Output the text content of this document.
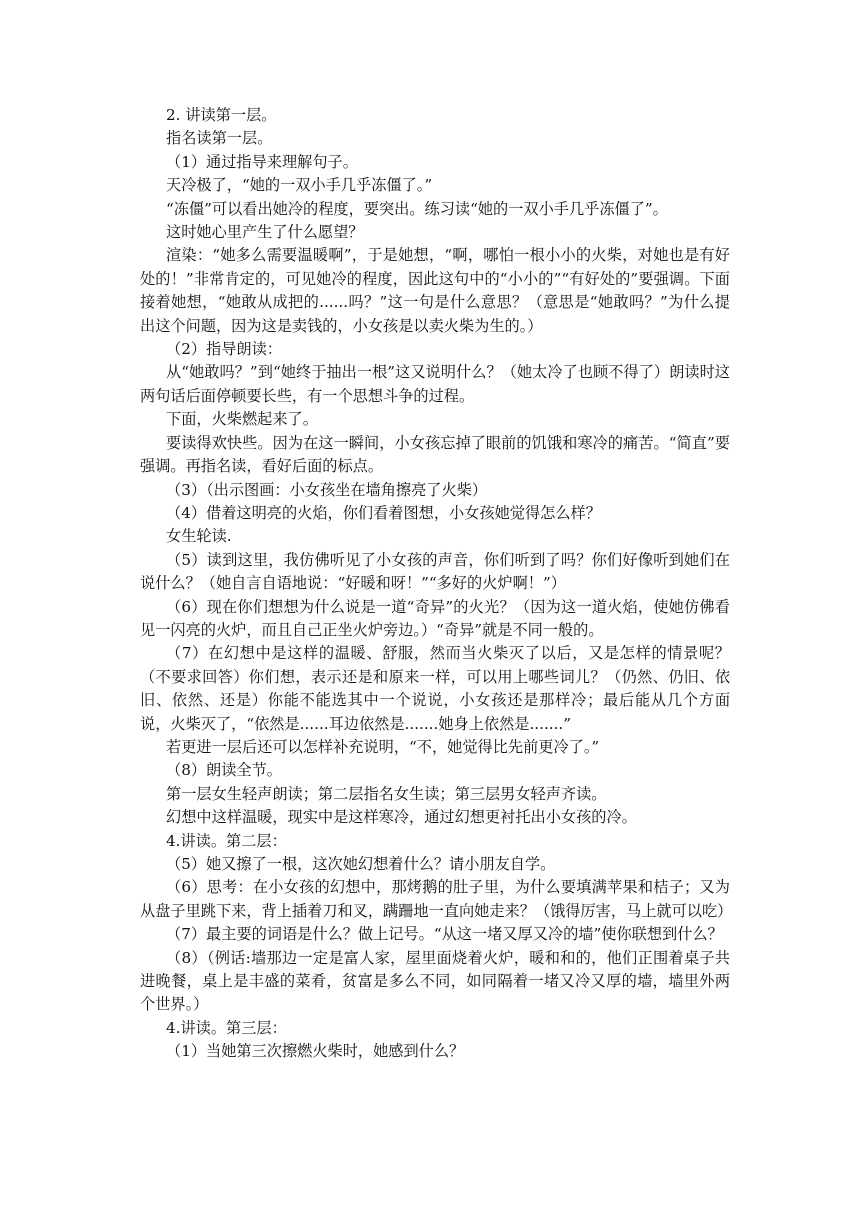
2. 讲读第一层。

指名读第一层。

（1）通过指导来理解句子。

天冷极了，“她的一双小手几乎冻僵了。”

“冻僵”可以看出她冷的程度，要突出。练习读“她的一双小手几乎冻僵了”。

这时她心里产生了什么愿望？

渲染：“她多么需要温暖啊”，于是她想，“啊，哪怕一根小小的火柴，对她也是有好处的！”非常肯定的，可见她冷的程度，因此这句中的“小小的”“有好处的”要强调。下面接着她想，“她敢从成把的......吗？”这一句是什么意思？（意思是“她敢吗？”为什么提出这个问题，因为这是卖钱的，小女孩是以卖火柴为生的。）

（2）指导朗读：

从“她敢吗？”到“她终于抽出一根”这又说明什么？（她太冷了也顾不得了）朗读时这两句话后面停顿要长些，有一个思想斗争的过程。

下面，火柴燃起来了。

要读得欢快些。因为在这一瞬间，小女孩忘掉了眼前的饥饿和寒冷的痛苦。“简直”要强调。再指名读，看好后面的标点。

（3）（出示图画：小女孩坐在墙角擦亮了火柴）

（4）借着这明亮的火焰，你们看着图想，小女孩她觉得怎么样？

女生轮读.

（5）读到这里，我仿佛听见了小女孩的声音，你们听到了吗？你们好像听到她们在说什么？（她自言自语地说：“好暖和呀！”“多好的火炉啊！”）

（6）现在你们想想为什么说是一道“奇异”的火光？（因为这一道火焰，使她仿佛看见一闪亮的火炉，而且自己正坐火炉旁边。）“奇异”就是不同一般的。

（7）在幻想中是这样的温暖、舒服，然而当火柴灭了以后，又是怎样的情景呢？（不要求回答）你们想，表示还是和原来一样，可以用上哪些词儿？（仍然、仍旧、依旧、依然、还是）你能不能选其中一个说说，小女孩还是那样冷；最后能从几个方面说，火柴灭了，“依然是......耳边依然是.......她身上依然是.......”

若更进一层后还可以怎样补充说明，“不，她觉得比先前更冷了。”

（8）朗读全节。

第一层女生轻声朗读；第二层指名女生读；第三层男女轻声齐读。

幻想中这样温暖，现实中是这样寒冷，通过幻想更衬托出小女孩的冷。

4.讲读。第二层：

（5）她又擦了一根，这次她幻想着什么？请小朋友自学。

（6）思考：在小女孩的幻想中，那烤鹅的肚子里，为什么要填满苹果和桔子；又为从盘子里跳下来，背上插着刀和叉，蹒跚地一直向她走来？（饿得厉害，马上就可以吃）

（7）最主要的词语是什么？做上记号。“从这一堵又厚又冷的墙”使你联想到什么？

（8）（例话:墙那边一定是富人家，屋里面烧着火炉，暖和和的，他们正围着桌子共进晚餐，桌上是丰盛的菜肴，贫富是多么不同，如同隔着一堵又冷又厚的墙，墙里外两个世界。）

4.讲读。第三层：

（1）当她第三次擦燃火柴时，她感到什么？
